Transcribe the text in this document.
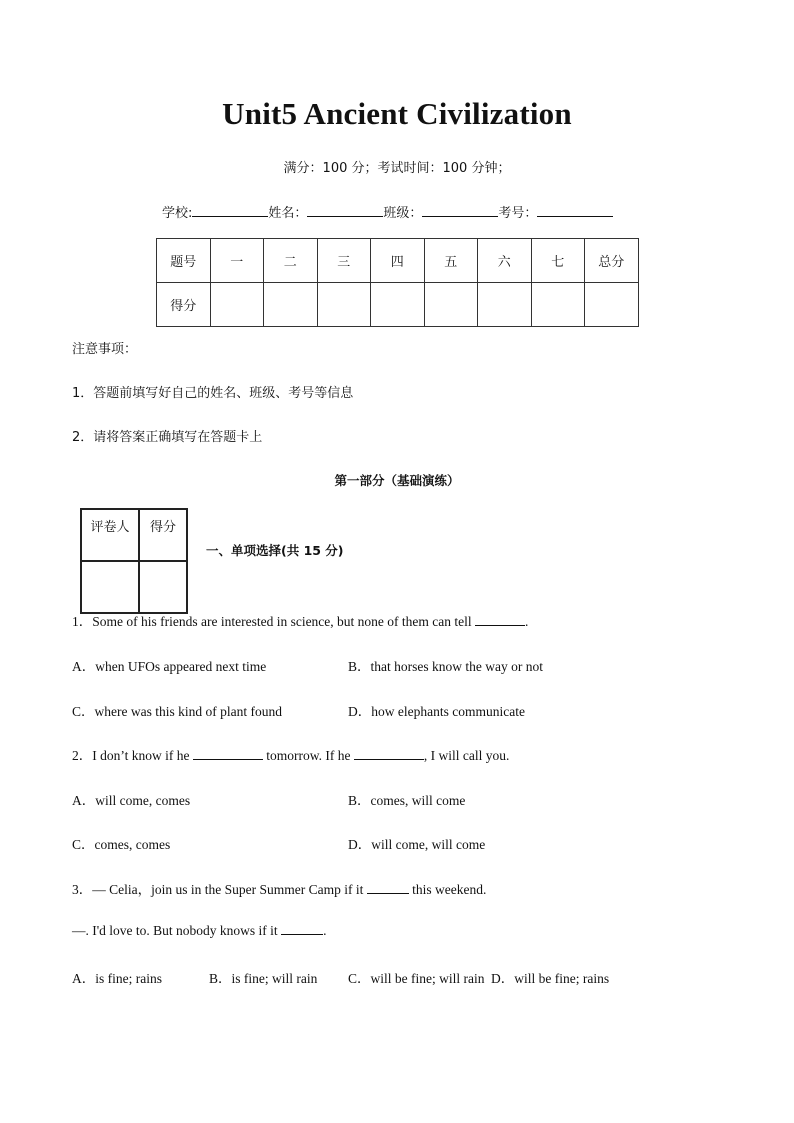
Unit5 Ancient Civilization
满分：100 分；考试时间：100 分钟；
学校:	姓名：	班级：	考号：
题号	一	二	三	四	五	六	七	总分
得分								
注意事项：
1．答题前填写好自己的姓名、班级、考号等信息
2．请将答案正确填写在答题卡上
第一部分（基础演练）
评卷人	得分

一、单项选择(共 15 分)
1．Some of his friends are interested in science, but none of them can tell	.
A．when UFOs appeared next time	B．that horses know the way or not
C．where was this kind of plant found	D．how elephants communicate
2．I don’t know if he	tomorrow. If he	, I will call you.
A．will come, comes	B．comes, will come
C．comes, comes	D．will come, will come
3．— Celia，join us in the Super Summer Camp if it	this weekend.
—. I'd love to. But nobody knows if it	.
A．is fine; rains	B．is fine; will rain C．will be fine; will rain D．will be fine; rains
